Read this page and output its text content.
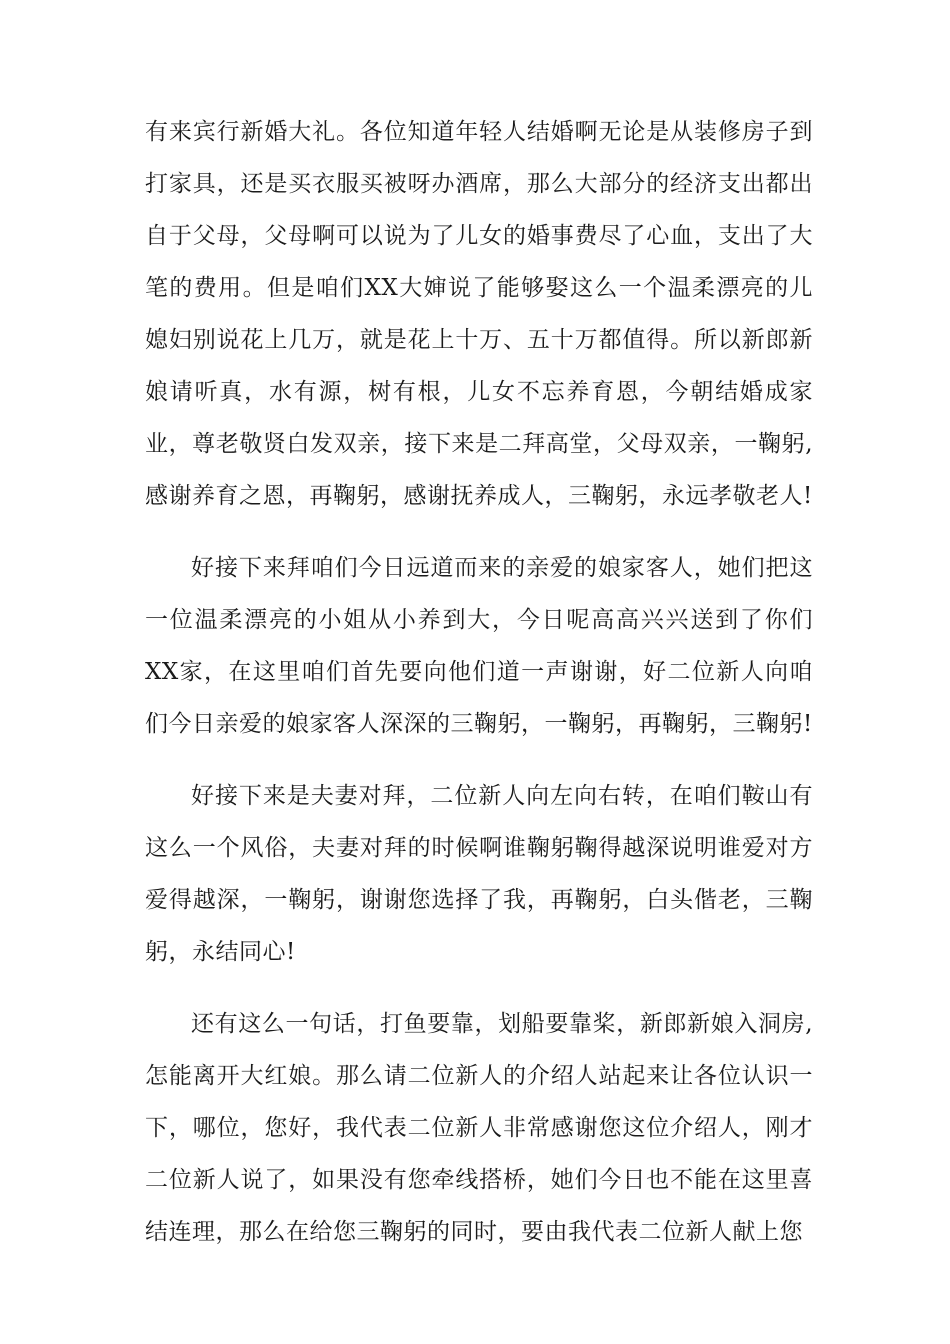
有来宾行新婚大礼。各位知道年轻人结婚啊无论是从装修房子到打家具，还是买衣服买被呀办酒席，那么大部分的经济支出都出自于父母，父母啊可以说为了儿女的婚事费尽了心血，支出了大笔的费用。但是咱们XX大婶说了能够娶这么一个温柔漂亮的儿媳妇别说花上几万，就是花上十万、五十万都值得。所以新郎新娘请听真，水有源，树有根，儿女不忘养育恩，今朝结婚成家业，尊老敬贤白发双亲，接下来是二拜高堂，父母双亲，一鞠躬,感谢养育之恩，再鞠躬，感谢抚养成人，三鞠躬，永远孝敬老人!

好接下来拜咱们今日远道而来的亲爱的娘家客人，她们把这一位温柔漂亮的小姐从小养到大，今日呢高高兴兴送到了你们XX家，在这里咱们首先要向他们道一声谢谢，好二位新人向咱们今日亲爱的娘家客人深深的三鞠躬，一鞠躬，再鞠躬，三鞠躬!

好接下来是夫妻对拜，二位新人向左向右转，在咱们鞍山有这么一个风俗，夫妻对拜的时候啊谁鞠躬鞠得越深说明谁爱对方爱得越深，一鞠躬，谢谢您选择了我，再鞠躬，白头偕老，三鞠躬，永结同心!

还有这么一句话，打鱼要靠，划船要靠桨，新郎新娘入洞房,怎能离开大红娘。那么请二位新人的介绍人站起来让各位认识一下，哪位，您好，我代表二位新人非常感谢您这位介绍人，刚才二位新人说了，如果没有您牵线搭桥，她们今日也不能在这里喜结连理，那么在给您三鞠躬的同时，要由我代表二位新人献上您
